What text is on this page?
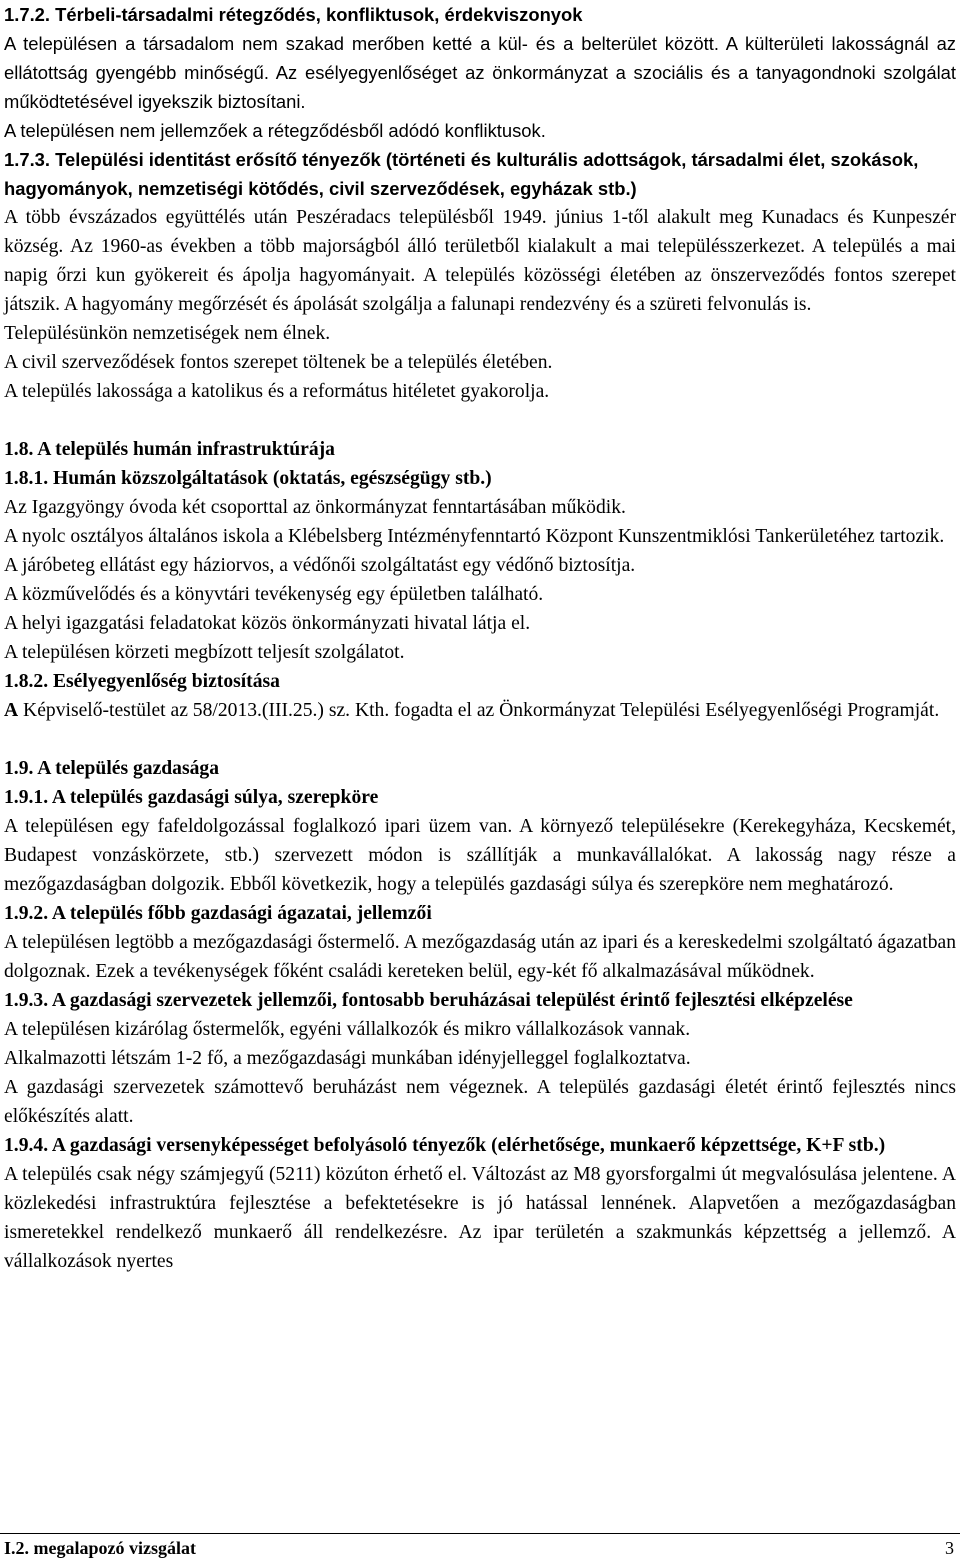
1.7.2. Térbeli-társadalmi rétegződés, konfliktusok, érdekviszonyok

A településen a társadalom nem szakad merőben ketté a kül- és a belterület között. A külterületi lakosságnál az ellátottság gyengébb minőségű. Az esélyegyenlőséget az önkormányzat a szociális és a tanyagondnoki szolgálat működtetésével igyekszik biztosítani.

A településen nem jellemzőek a rétegződésből adódó konfliktusok.

1.7.3. Települési identitást erősítő tényezők (történeti és kulturális adottságok, társadalmi élet, szokások, hagyományok, nemzetiségi kötődés, civil szerveződések, egyházak stb.)

A több évszázados együttélés után Peszéradacs településből 1949. június 1-től alakult meg Kunadacs és Kunpeszér község. Az 1960-as években a több majorságból álló területből kialakult a mai településszerkezet. A település a mai napig őrzi kun gyökereit és ápolja hagyományait. A település közösségi életében az önszerveződés fontos szerepet játszik. A hagyomány megőrzését és ápolását szolgálja a falunapi rendezvény és a szüreti felvonulás is.

Településünkön nemzetiségek nem élnek.

A civil szerveződések fontos szerepet töltenek be a település életében.

A település lakossága a katolikus és a református hitéletet gyakorolja.

1.8. A település humán infrastruktúrája

1.8.1. Humán közszolgáltatások (oktatás, egészségügy stb.)

Az Igazgyöngy óvoda két csoporttal az önkormányzat fenntartásában működik.

A nyolc osztályos általános iskola a Klébelsberg Intézményfenntartó Központ Kunszentmiklósi Tankerületéhez tartozik.

A járóbeteg ellátást egy háziorvos, a védőnői szolgáltatást egy védőnő biztosítja.

A közművelődés és a könyvtári tevékenység egy épületben található.

A helyi igazgatási feladatokat közös önkormányzati hivatal látja el.

A településen körzeti megbízott teljesít szolgálatot.

1.8.2. Esélyegyenlőség biztosítása

A Képviselő-testület az 58/2013.(III.25.) sz. Kth. fogadta el az Önkormányzat Települési Esélyegyenlőségi Programját.

1.9. A település gazdasága

1.9.1. A település gazdasági súlya, szerepköre

A településen egy fafeldolgozással foglalkozó ipari üzem van. A környező településekre (Kerekegyháza, Kecskemét, Budapest vonzáskörzete, stb.) szervezett módon is szállítják a munkavállalókat. A lakosság nagy része a mezőgazdaságban dolgozik. Ebből következik, hogy a település gazdasági súlya és szerepköre nem meghatározó.

1.9.2. A település főbb gazdasági ágazatai, jellemzői

A településen legtöbb a mezőgazdasági őstermelő. A mezőgazdaság után az ipari és a kereskedelmi szolgáltató ágazatban dolgoznak. Ezek a tevékenységek főként családi kereteken belül, egy-két fő alkalmazásával működnek.

1.9.3. A gazdasági szervezetek jellemzői, fontosabb beruházásai települést érintő fejlesztési elképzelése

A településen kizárólag őstermelők, egyéni vállalkozók és mikro vállalkozások vannak.

Alkalmazotti létszám 1-2 fő, a mezőgazdasági munkában idényjelleggel foglalkoztatva.

A gazdasági szervezetek számottevő beruházást nem végeznek. A település gazdasági életét érintő fejlesztés nincs előkészítés alatt.

1.9.4. A gazdasági versenyképességet befolyásoló tényezők (elérhetősége, munkaerő képzettsége, K+F stb.)

A település csak négy számjegyű (5211) közúton érhető el. Változást az M8 gyorsforgalmi út megvalósulása jelentene. A közlekedési infrastruktúra fejlesztése a befektetésekre is jó hatással lennének. Alapvetően a mezőgazdaságban ismeretekkel rendelkező munkaerő áll rendelkezésre. Az ipar területén a szakmunkás képzettség a jellemző. A vállalkozások nyertes

I.2. megalapozó vizsgálat	3
